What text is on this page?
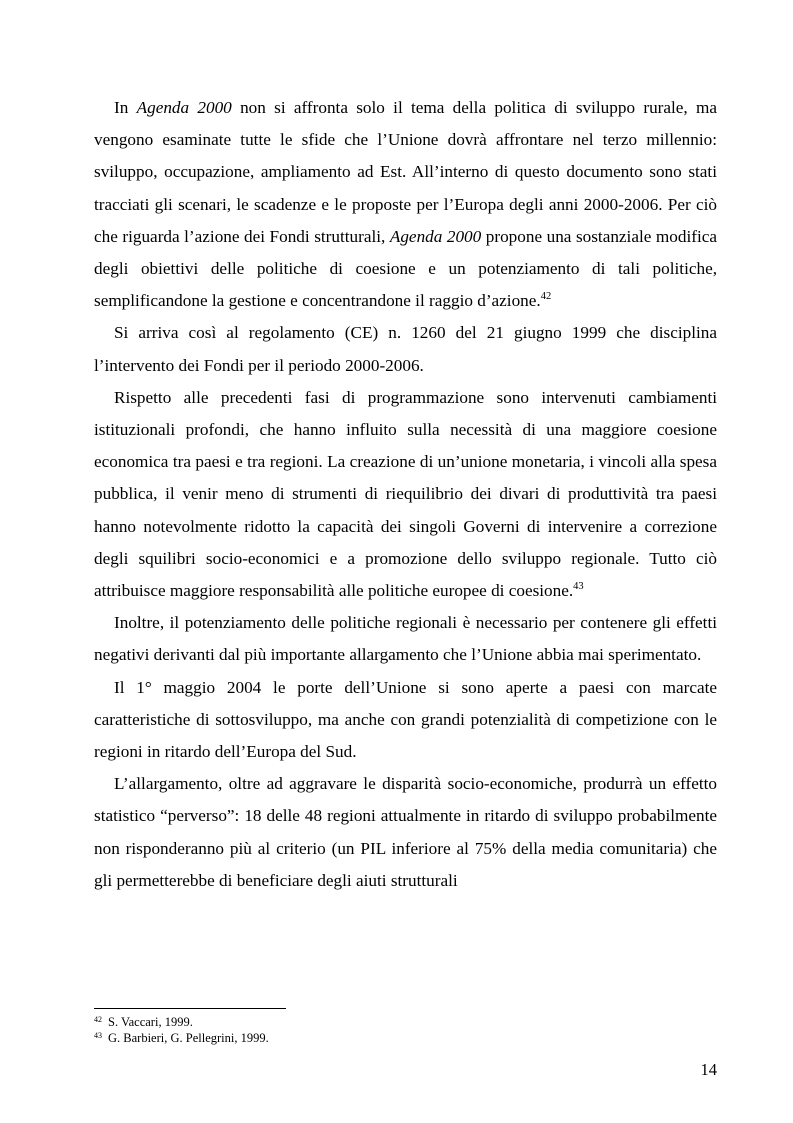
In Agenda 2000 non si affronta solo il tema della politica di sviluppo rurale, ma vengono esaminate tutte le sfide che l’Unione dovrà affrontare nel terzo millennio: sviluppo, occupazione, ampliamento ad Est. All’interno di questo documento sono stati tracciati gli scenari, le scadenze e le proposte per l’Europa degli anni 2000-2006. Per ciò che riguarda l’azione dei Fondi strutturali, Agenda 2000 propone una sostanziale modifica degli obiettivi delle politiche di coesione e un potenziamento di tali politiche, semplificandone la gestione e concentrandone il raggio d’azione.$^{42}$

Si arriva così al regolamento (CE) n. 1260 del 21 giugno 1999 che disciplina l’intervento dei Fondi per il periodo 2000-2006.

Rispetto alle precedenti fasi di programmazione sono intervenuti cambiamenti istituzionali profondi, che hanno influito sulla necessità di una maggiore coesione economica tra paesi e tra regioni. La creazione di un’unione monetaria, i vincoli alla spesa pubblica, il venir meno di strumenti di riequilibrio dei divari di produttività tra paesi hanno notevolmente ridotto la capacità dei singoli Governi di intervenire a correzione degli squilibri socio-economici e a promozione dello sviluppo regionale. Tutto ciò attribuisce maggiore responsabilità alle politiche europee di coesione.$^{43}$

Inoltre, il potenziamento delle politiche regionali è necessario per contenere gli effetti negativi derivanti dal più importante allargamento che l’Unione abbia mai sperimentato.

Il 1° maggio 2004 le porte dell’Unione si sono aperte a paesi con marcate caratteristiche di sottosviluppo, ma anche con grandi potenzialità di competizione con le regioni in ritardo dell’Europa del Sud.

L’allargamento, oltre ad aggravare le disparità socio-economiche, produrrà un effetto statistico “perverso”: 18 delle 48 regioni attualmente in ritardo di sviluppo probabilmente non risponderanno più al criterio (un PIL inferiore al 75% della media comunitaria) che gli permetterebbe di beneficiare degli aiuti strutturali

42 S. Vaccari, 1999.

43 G. Barbieri, G. Pellegrini, 1999.

14
